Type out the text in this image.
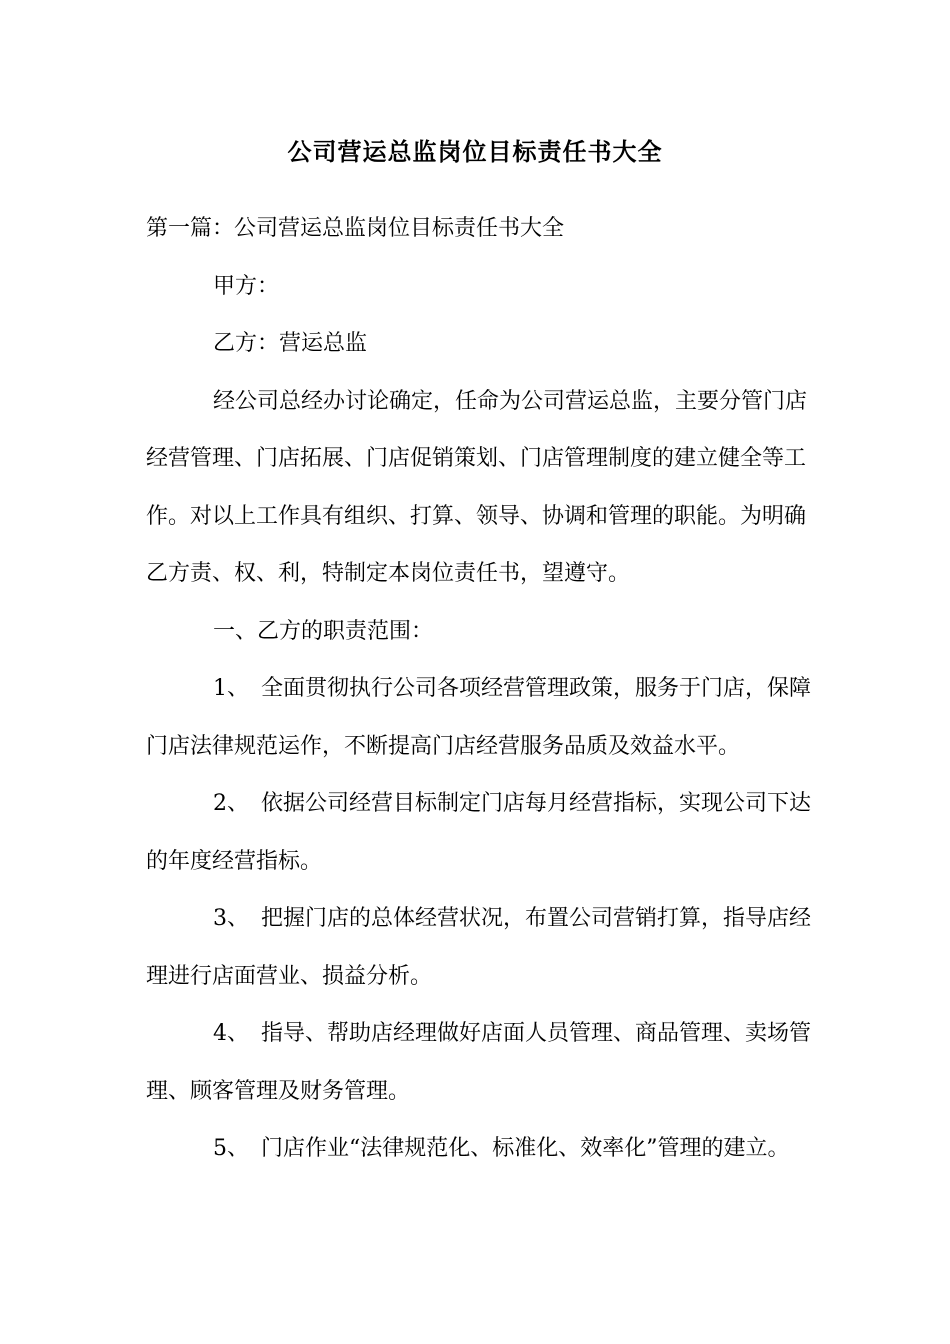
公司营运总监岗位目标责任书大全

第一篇：公司营运总监岗位目标责任书大全

甲方：

乙方：营运总监

经公司总经办讨论确定，任命为公司营运总监，主要分管门店经营管理、门店拓展、门店促销策划、门店管理制度的建立健全等工作。对以上工作具有组织、打算、领导、协调和管理的职能。为明确乙方责、权、利，特制定本岗位责任书，望遵守。

一、乙方的职责范围：

1、 全面贯彻执行公司各项经营管理政策，服务于门店，保障门店法律规范运作，不断提高门店经营服务品质及效益水平。

2、 依据公司经营目标制定门店每月经营指标，实现公司下达的年度经营指标。

3、 把握门店的总体经营状况，布置公司营销打算，指导店经理进行店面营业、损益分析。

4、 指导、帮助店经理做好店面人员管理、商品管理、卖场管理、顾客管理及财务管理。

5、 门店作业“法律规范化、标准化、效率化”管理的建立。
